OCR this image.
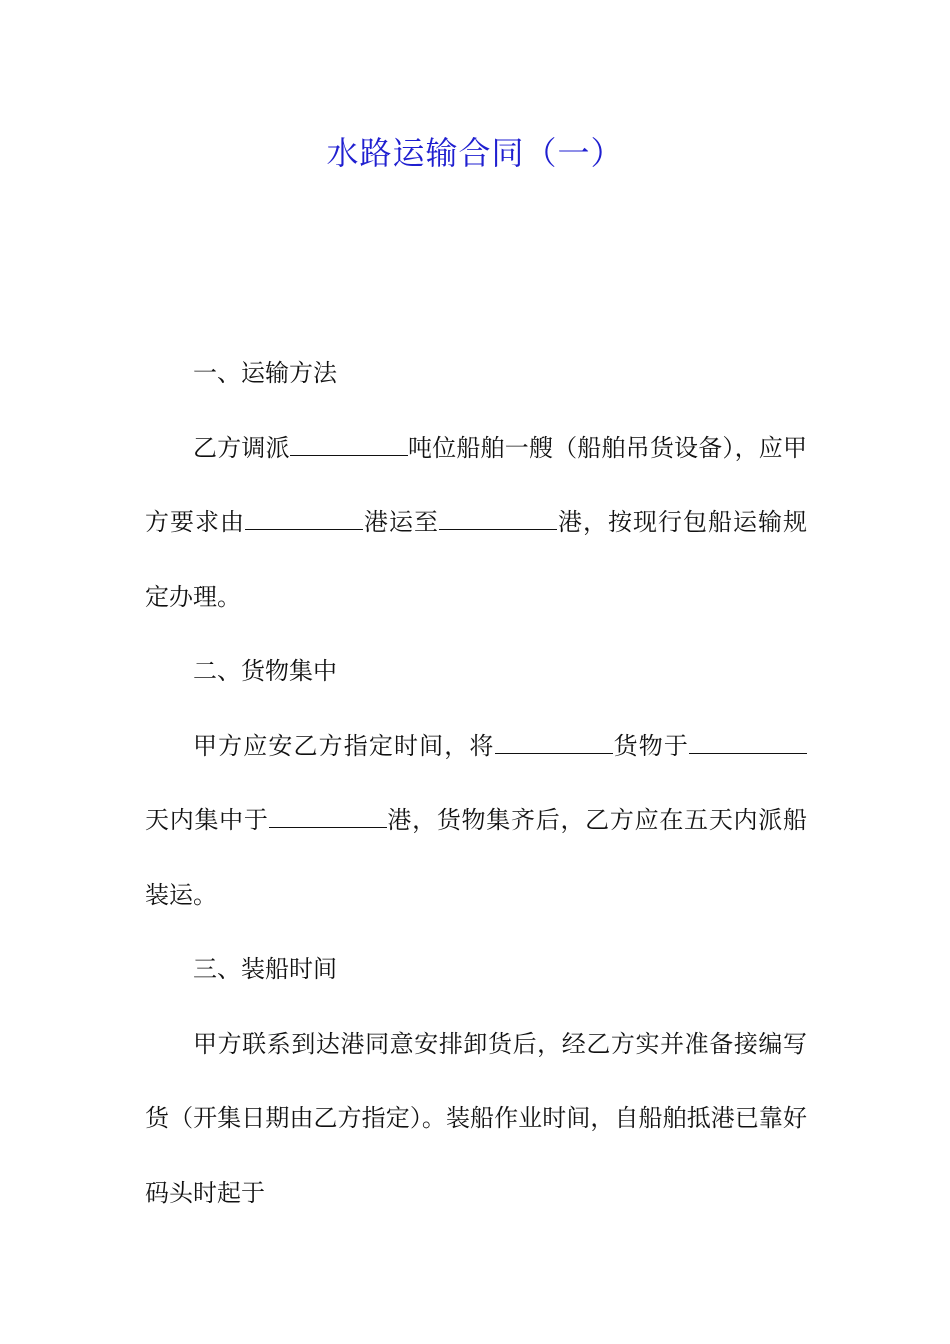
水路运输合同（一）

一、运输方法

乙方调派	吨位船舶一艘（船舶吊货设备），应甲方要求由	港运至	港，按现行包船运输规定办理。

二、货物集中

甲方应安乙方指定时间，将	货物于天内集中于	港，货物集齐后，乙方应在五天内派船装运。

三、装船时间

甲方联系到达港同意安排卸货后，经乙方实并准备接编写货（开集日期由乙方指定）。装船作业时间，自船舶抵港已靠好码头时起于
